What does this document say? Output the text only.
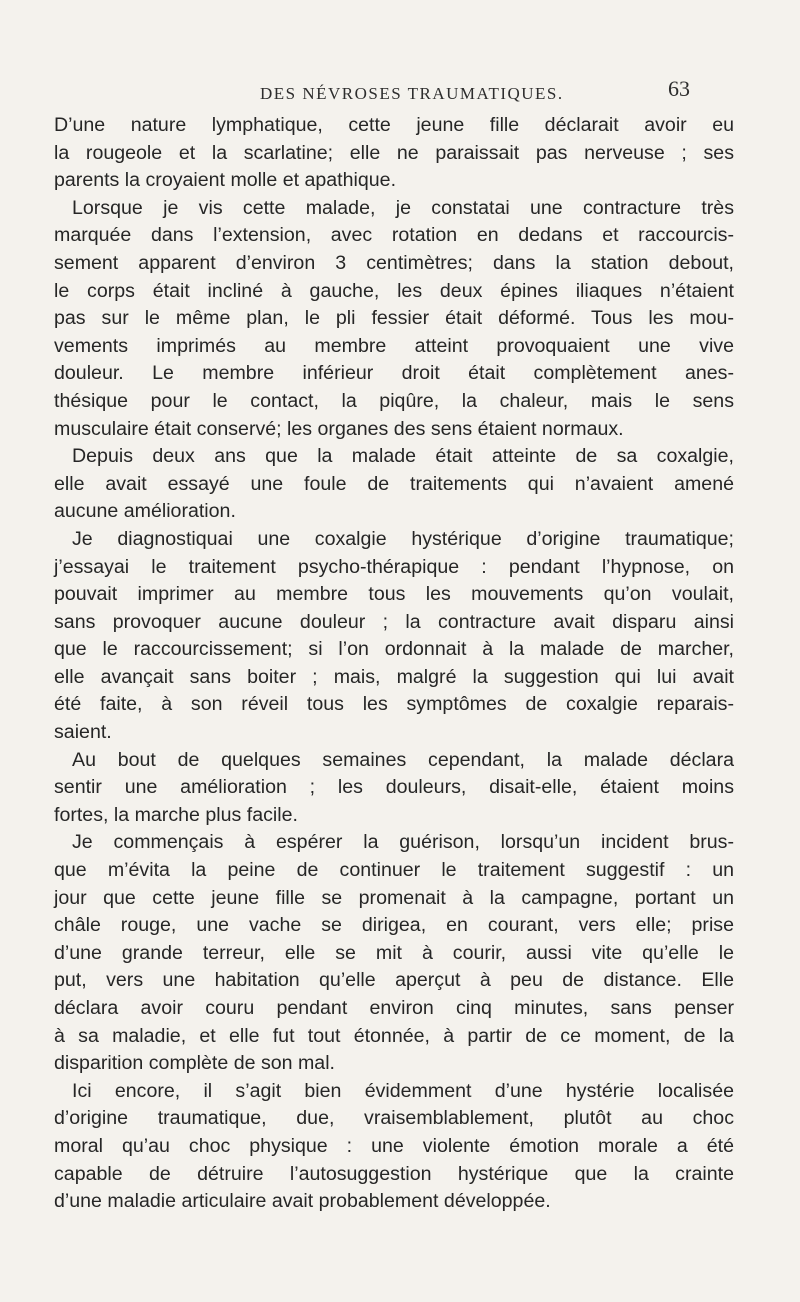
DES NÉVROSES TRAUMATIQUES.	63
D’une nature lymphatique, cette jeune fille déclarait avoir eu
la rougeole et la scarlatine; elle ne paraissait pas nerveuse ; ses
parents la croyaient molle et apathique.
Lorsque je vis cette malade, je constatai une contracture très
marquée dans l’extension, avec rotation en dedans et raccourcis-
sement apparent d’environ 3 centimètres; dans la station debout,
le corps était incliné à gauche, les deux épines iliaques n’étaient
pas sur le même plan, le pli fessier était déformé. Tous les mou-
vements imprimés au membre atteint provoquaient une vive
douleur. Le membre inférieur droit était complètement anes-
thésique pour le contact, la piqûre, la chaleur, mais le sens
musculaire était conservé; les organes des sens étaient normaux.
Depuis deux ans que la malade était atteinte de sa coxalgie,
elle avait essayé une foule de traitements qui n’avaient amené
aucune amélioration.
Je diagnostiquai une coxalgie hystérique d’origine traumatique;
j’essayai le traitement psycho-thérapique : pendant l’hypnose, on
pouvait imprimer au membre tous les mouvements qu’on voulait,
sans provoquer aucune douleur ; la contracture avait disparu ainsi
que le raccourcissement; si l’on ordonnait à la malade de marcher,
elle avançait sans boiter ; mais, malgré la suggestion qui lui avait
été faite, à son réveil tous les symptômes de coxalgie reparais-
saient.
Au bout de quelques semaines cependant, la malade déclara
sentir une amélioration ; les douleurs, disait-elle, étaient moins
fortes, la marche plus facile.
Je commençais à espérer la guérison, lorsqu’un incident brus-
que m’évita la peine de continuer le traitement suggestif : un
jour que cette jeune fille se promenait à la campagne, portant un
châle rouge, une vache se dirigea, en courant, vers elle; prise
d’une grande terreur, elle se mit à courir, aussi vite qu’elle le
put, vers une habitation qu’elle aperçut à peu de distance. Elle
déclara avoir couru pendant environ cinq minutes, sans penser
à sa maladie, et elle fut tout étonnée, à partir de ce moment, de la
disparition complète de son mal.
Ici encore, il s’agit bien évidemment d’une hystérie localisée
d’origine traumatique, due, vraisemblablement, plutôt au choc
moral qu’au choc physique : une violente émotion morale a été
capable de détruire l’autosuggestion hystérique que la crainte
d’une maladie articulaire avait probablement développée.
